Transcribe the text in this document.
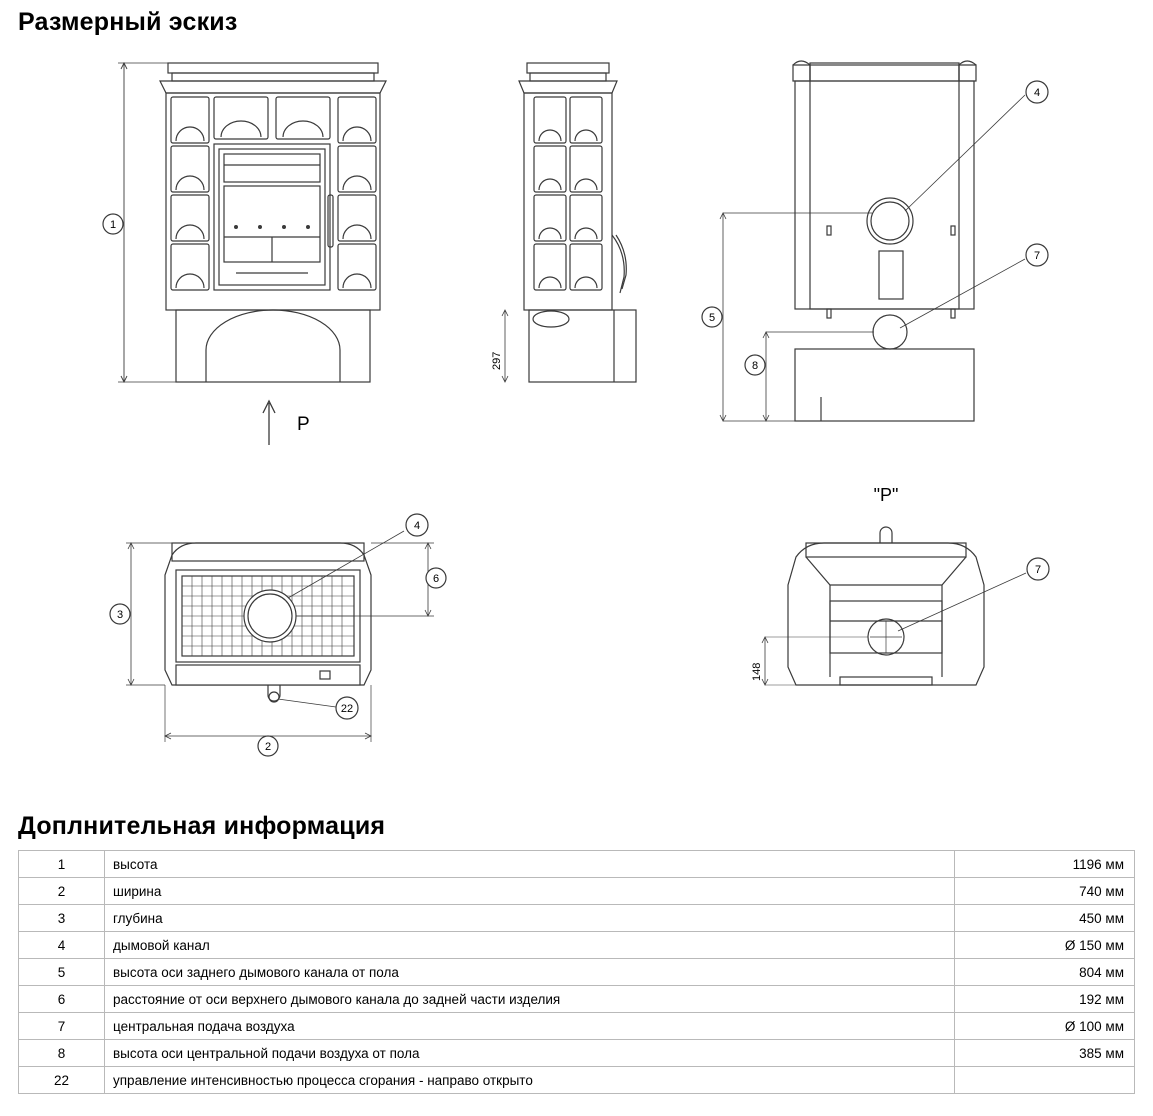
Размерный эскиз
1
P
297
5
8
4
7
3
6
4
22
2
"P"
7
148
Доплнительная информация
1	высота	1196 мм
2	ширина	740 мм
3	глубина	450 мм
4	дымовой канал	Ø 150 мм
5	высота оси заднего дымового канала от пола	804 мм
6	расстояние от оси верхнего дымового канала до задней части изделия	192 мм
7	центральная подача воздуха	Ø 100 мм
8	высота оси центральной подачи воздуха от пола	385 мм
22	управление интенсивностью процесса сгорания - направо открыто	
